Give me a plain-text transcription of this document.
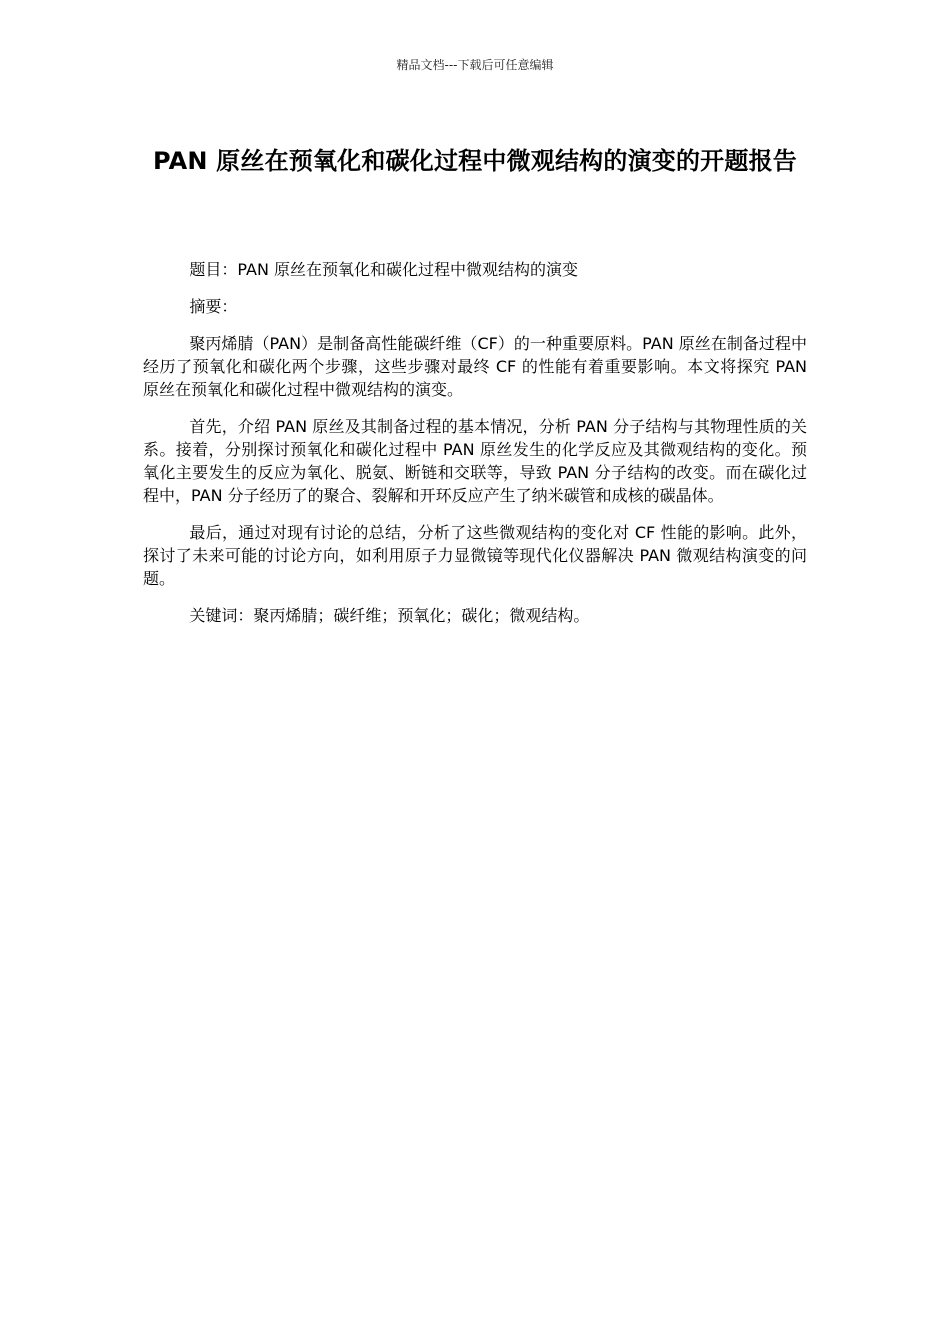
精品文档---下载后可任意编辑
PAN 原丝在预氧化和碳化过程中微观结构的演变的开题报告

题目：PAN 原丝在预氧化和碳化过程中微观结构的演变

摘要：

聚丙烯腈（PAN）是制备高性能碳纤维（CF）的一种重要原料。PAN 原丝在制备过程中经历了预氧化和碳化两个步骤，这些步骤对最终 CF 的性能有着重要影响。本文将探究 PAN 原丝在预氧化和碳化过程中微观结构的演变。

首先，介绍 PAN 原丝及其制备过程的基本情况，分析 PAN 分子结构与其物理性质的关系。接着，分别探讨预氧化和碳化过程中 PAN 原丝发生的化学反应及其微观结构的变化。预氧化主要发生的反应为氧化、脱氨、断链和交联等，导致 PAN 分子结构的改变。而在碳化过程中，PAN 分子经历了的聚合、裂解和开环反应产生了纳米碳管和成核的碳晶体。

最后，通过对现有讨论的总结，分析了这些微观结构的变化对 CF 性能的影响。此外，探讨了未来可能的讨论方向，如利用原子力显微镜等现代化仪器解决 PAN 微观结构演变的问题。

关键词：聚丙烯腈；碳纤维；预氧化；碳化；微观结构。
